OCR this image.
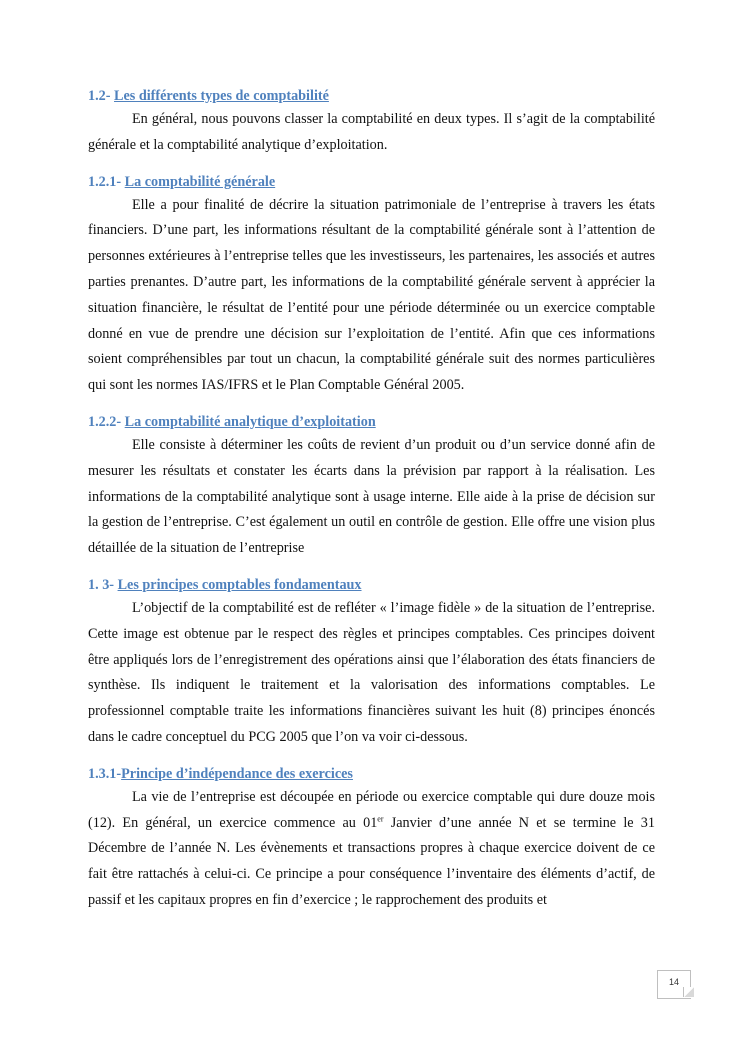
1.2- Les différents types de comptabilité

En général, nous pouvons classer la comptabilité en deux types. Il s’agit de la comptabilité générale et la comptabilité analytique d’exploitation.

1.2.1- La comptabilité générale

Elle a pour finalité de décrire la situation patrimoniale de l’entreprise à travers les états financiers. D’une part, les informations résultant de la comptabilité générale sont à l’attention de personnes extérieures à l’entreprise telles que les investisseurs, les partenaires, les associés et autres parties prenantes. D’autre part, les informations de la comptabilité générale servent à apprécier la situation financière, le résultat de l’entité pour une période déterminée ou un exercice comptable donné en vue de prendre une décision sur l’exploitation de l’entité. Afin que ces informations soient compréhensibles par tout un chacun, la comptabilité générale suit des normes particulières qui sont les normes IAS/IFRS et le Plan Comptable Général 2005.

1.2.2- La comptabilité analytique d’exploitation

Elle consiste à déterminer les coûts de revient d’un produit ou d’un service donné afin de mesurer les résultats et constater les écarts dans la prévision par rapport à la réalisation. Les informations de la comptabilité analytique sont à usage interne. Elle aide à la prise de décision sur la gestion de l’entreprise. C’est également un outil en contrôle de gestion. Elle offre une vision plus détaillée de la situation de l’entreprise

1. 3- Les principes comptables fondamentaux

L’objectif de la comptabilité est de refléter « l’image fidèle » de la situation de l’entreprise. Cette image est obtenue par le respect des règles et principes comptables. Ces principes doivent être appliqués lors de l’enregistrement des opérations ainsi que l’élaboration des états financiers de synthèse. Ils indiquent le traitement et la valorisation des informations comptables. Le professionnel comptable traite les informations financières suivant les huit (8) principes énoncés dans le cadre conceptuel du PCG 2005 que l’on va voir ci-dessous.

1.3.1-Principe d’indépendance des exercices

La vie de l’entreprise est découpée en période ou exercice comptable qui dure douze mois (12). En général, un exercice commence au 01er Janvier d’une année N et se termine le 31 Décembre de l’année N. Les évènements et transactions propres à chaque exercice doivent de ce fait être rattachés à celui-ci. Ce principe a pour conséquence l’inventaire des éléments d’actif, de passif et les capitaux propres en fin d’exercice ; le rapprochement des produits et

14
